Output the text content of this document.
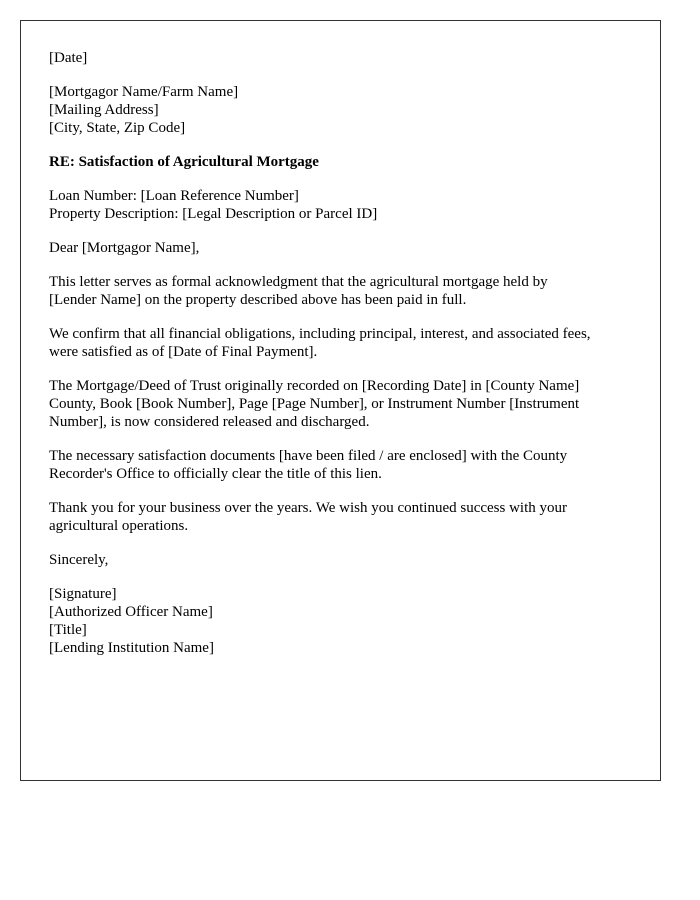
[Date]

[Mortgagor Name/Farm Name]
[Mailing Address]
[City, State, Zip Code]

RE: Satisfaction of Agricultural Mortgage

Loan Number: [Loan Reference Number]
Property Description: [Legal Description or Parcel ID]

Dear [Mortgagor Name],

This letter serves as formal acknowledgment that the agricultural mortgage held by
[Lender Name] on the property described above has been paid in full.

We confirm that all financial obligations, including principal, interest, and associated fees,
were satisfied as of [Date of Final Payment].

The Mortgage/Deed of Trust originally recorded on [Recording Date] in [County Name]
County, Book [Book Number], Page [Page Number], or Instrument Number [Instrument
Number], is now considered released and discharged.

The necessary satisfaction documents [have been filed / are enclosed] with the County
Recorder's Office to officially clear the title of this lien.

Thank you for your business over the years. We wish you continued success with your
agricultural operations.

Sincerely,

[Signature]
[Authorized Officer Name]
[Title]
[Lending Institution Name]
